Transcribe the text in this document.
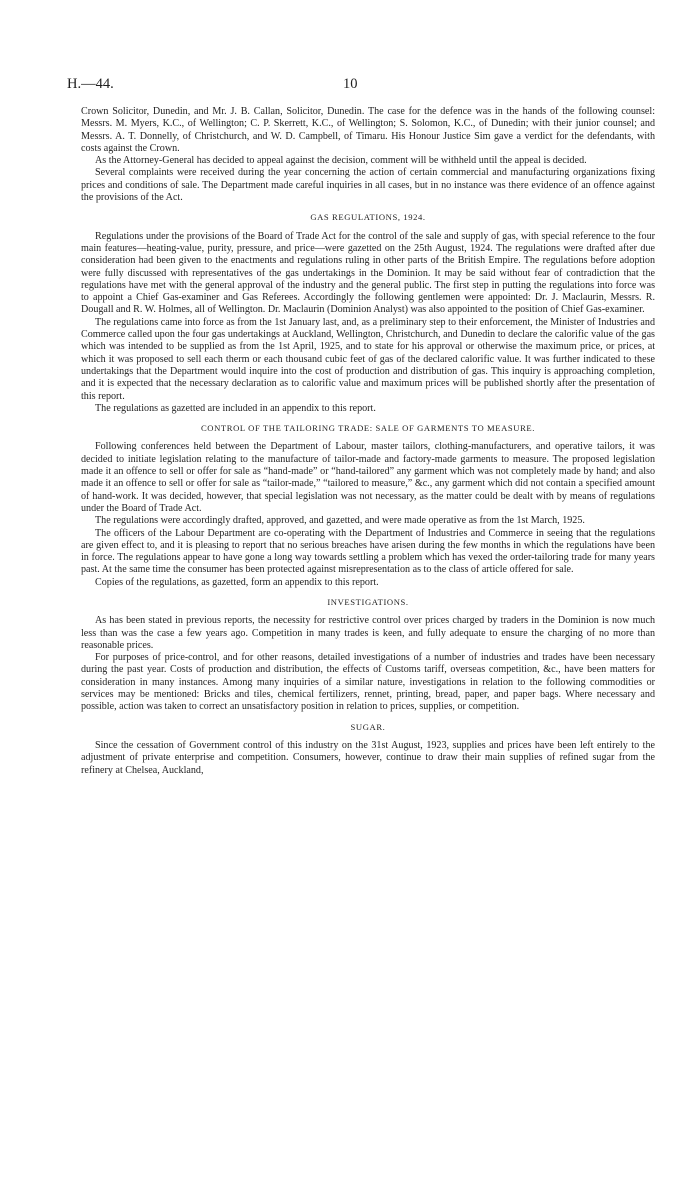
H.—44.	10

Crown Solicitor, Dunedin, and Mr. J. B. Callan, Solicitor, Dunedin. The case for the defence was in the hands of the following counsel: Messrs. M. Myers, K.C., of Wellington; C. P. Skerrett, K.C., of Wellington; S. Solomon, K.C., of Dunedin; with their junior counsel; and Messrs. A. T. Donnelly, of Christchurch, and W. D. Campbell, of Timaru. His Honour Justice Sim gave a verdict for the defendants, with costs against the Crown.

As the Attorney-General has decided to appeal against the decision, comment will be withheld until the appeal is decided.

Several complaints were received during the year concerning the action of certain commercial and manufacturing organizations fixing prices and conditions of sale. The Department made careful inquiries in all cases, but in no instance was there evidence of an offence against the provisions of the Act.

GAS REGULATIONS, 1924.

Regulations under the provisions of the Board of Trade Act for the control of the sale and supply of gas, with special reference to the four main features—heating-value, purity, pressure, and price—were gazetted on the 25th August, 1924. The regulations were drafted after due consideration had been given to the enactments and regulations ruling in other parts of the British Empire. The regulations before adoption were fully discussed with representatives of the gas undertakings in the Dominion. It may be said without fear of contradiction that the regulations have met with the general approval of the industry and the general public. The first step in putting the regulations into force was to appoint a Chief Gas-examiner and Gas Referees. Accordingly the following gentlemen were appointed: Dr. J. Maclaurin, Messrs. R. Dougall and R. W. Holmes, all of Wellington. Dr. Maclaurin (Dominion Analyst) was also appointed to the position of Chief Gas-examiner.

The regulations came into force as from the 1st January last, and, as a preliminary step to their enforcement, the Minister of Industries and Commerce called upon the four gas undertakings at Auckland, Wellington, Christchurch, and Dunedin to declare the calorific value of the gas which was intended to be supplied as from the 1st April, 1925, and to state for his approval or otherwise the maximum price, or prices, at which it was proposed to sell each therm or each thousand cubic feet of gas of the declared calorific value. It was further indicated to these undertakings that the Department would inquire into the cost of production and distribution of gas. This inquiry is approaching completion, and it is expected that the necessary declaration as to calorific value and maximum prices will be published shortly after the presentation of this report.

The regulations as gazetted are included in an appendix to this report.

CONTROL OF THE TAILORING TRADE: SALE OF GARMENTS TO MEASURE.

Following conferences held between the Department of Labour, master tailors, clothing-manufacturers, and operative tailors, it was decided to initiate legislation relating to the manufacture of tailor-made and factory-made garments to measure. The proposed legislation made it an offence to sell or offer for sale as “hand-made” or “hand-tailored” any garment which was not completely made by hand; and also made it an offence to sell or offer for sale as “tailor-made,” “tailored to measure,” &c., any garment which did not contain a specified amount of hand-work. It was decided, however, that special legislation was not necessary, as the matter could be dealt with by means of regulations under the Board of Trade Act.

The regulations were accordingly drafted, approved, and gazetted, and were made operative as from the 1st March, 1925.

The officers of the Labour Department are co-operating with the Department of Industries and Commerce in seeing that the regulations are given effect to, and it is pleasing to report that no serious breaches have arisen during the few months in which the regulations have been in force. The regulations appear to have gone a long way towards settling a problem which has vexed the order-tailoring trade for many years past. At the same time the consumer has been protected against misrepresentation as to the class of article offered for sale.

Copies of the regulations, as gazetted, form an appendix to this report.

INVESTIGATIONS.

As has been stated in previous reports, the necessity for restrictive control over prices charged by traders in the Dominion is now much less than was the case a few years ago. Competition in many trades is keen, and fully adequate to ensure the charging of no more than reasonable prices.

For purposes of price-control, and for other reasons, detailed investigations of a number of industries and trades have been necessary during the past year. Costs of production and distribution, the effects of Customs tariff, overseas competition, &c., have been matters for consideration in many instances. Among many inquiries of a similar nature, investigations in relation to the following commodities or services may be mentioned: Bricks and tiles, chemical fertilizers, rennet, printing, bread, paper, and paper bags. Where necessary and possible, action was taken to correct an unsatisfactory position in relation to prices, supplies, or competition.

SUGAR.

Since the cessation of Government control of this industry on the 31st August, 1923, supplies and prices have been left entirely to the adjustment of private enterprise and competition. Consumers, however, continue to draw their main supplies of refined sugar from the refinery at Chelsea, Auckland,
